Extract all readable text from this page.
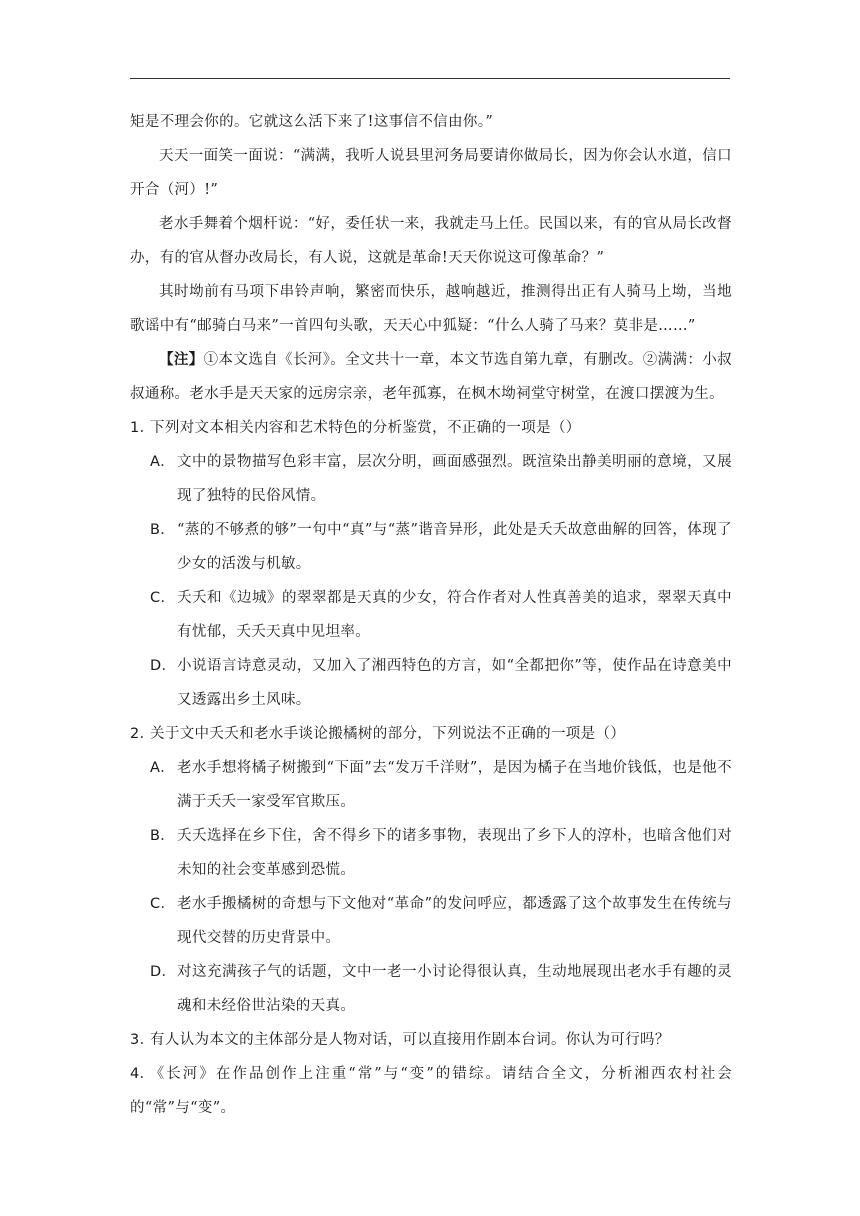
矩是不理会你的。它就这么活下来了!这事信不信由你。”

天天一面笑一面说：“满满，我听人说县里河务局要请你做局长，因为你会认水道，信口开合（河）!”

老水手舞着个烟杆说：“好，委任状一来，我就走马上任。民国以来，有的官从局长改督办，有的官从督办改局长，有人说，这就是革命!天天你说这可像革命？”

其时坳前有马项下串铃声响，繁密而快乐，越响越近，推测得出正有人骑马上坳，当地歌谣中有“邮骑白马来”一首四句头歌，天天心中狐疑：“什么人骑了马来？莫非是……”

【注】①本文选自《长河》。全文共十一章，本文节选自第九章，有删改。②满满：小叔叔通称。老水手是天天家的远房宗亲，老年孤寡，在枫木坳祠堂守树堂，在渡口摆渡为生。

1．
下列对文本相关内容和艺术特色的分析鉴赏，不正确的一项是（）

A． 文中的景物描写色彩丰富，层次分明，画面感强烈。既渲染出静美明丽的意境，又展现了独特的民俗风情。

B． “蒸的不够煮的够”一句中“真”与“蒸”谐音异形，此处是夭夭故意曲解的回答，体现了少女的活泼与机敏。

C． 夭夭和《边城》的翠翠都是天真的少女，符合作者对人性真善美的追求，翠翠天真中有忧郁，夭夭天真中见坦率。

D． 小说语言诗意灵动，又加入了湘西特色的方言，如“全都把你”等，使作品在诗意美中又透露出乡土风味。

2．
关于文中夭夭和老水手谈论搬橘树的部分，下列说法不正确的一项是（）

A． 老水手想将橘子树搬到“下面”去“发万千洋财”，是因为橘子在当地价钱低，也是他不满于夭夭一家受军官欺压。

B． 夭夭选择在乡下住，舍不得乡下的诸多事物，表现出了乡下人的淳朴，也暗含他们对未知的社会变革感到恐慌。

C． 老水手搬橘树的奇想与下文他对“革命”的发问呼应，都透露了这个故事发生在传统与现代交替的历史背景中。

D． 对这充满孩子气的话题，文中一老一小讨论得很认真，生动地展现出老水手有趣的灵魂和未经俗世沾染的天真。

3．
有人认为本文的主体部分是人物对话，可以直接用作剧本台词。你认为可行吗？

4．《长河》在作品创作上注重“常”与“变”的错综。请结合全文，分析湘西农村社会的“常”与“变”。
